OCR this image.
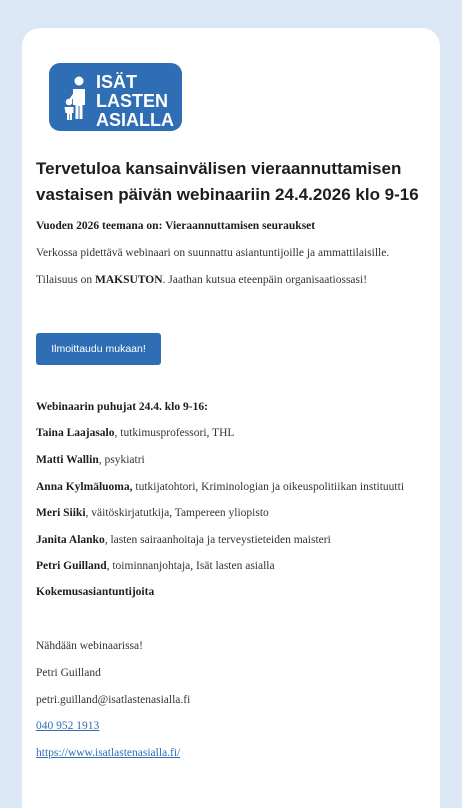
ISÄT
LASTEN
ASIALLA
Tervetuloa kansainvälisen vieraannuttamisen vastaisen päivän webinaariin 24.4.2026 klo 9-16

Vuoden 2026 teemana on: Vieraannuttamisen seuraukset

Verkossa pidettävä webinaari on suunnattu asiantuntijoille ja ammattilaisille.

Tilaisuus on MAKSUTON. Jaathan kutsua eteenpäin organisaatiossasi!

Ilmoittaudu mukaan!

Webinaarin puhujat 24.4. klo 9-16:

Taina Laajasalo, tutkimusprofessori, THL

Matti Wallin, psykiatri

Anna Kylmäluoma, tutkijatohtori, Kriminologian ja oikeuspolitiikan instituutti

Meri Siiki, väitöskirjatutkija, Tampereen yliopisto

Janita Alanko, lasten sairaanhoitaja ja terveystieteiden maisteri

Petri Guilland, toiminnanjohtaja, Isät lasten asialla

Kokemusasiantuntijoita

Nähdään webinaarissa!

Petri Guilland

petri.guilland@isatlastenasialla.fi

040 952 1913

https://www.isatlastenasialla.fi/
